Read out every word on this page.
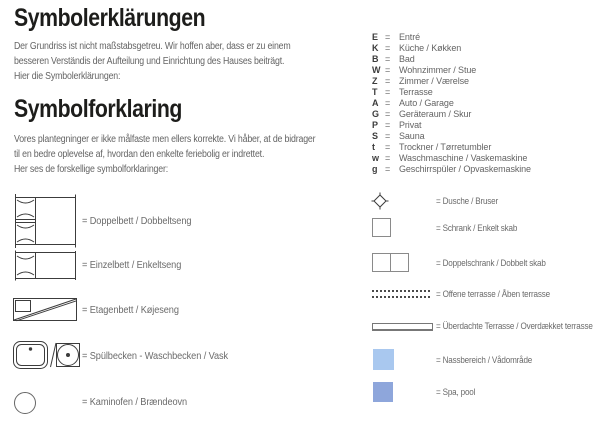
Symbolerklärungen
Der Grundriss ist nicht maßstabsgetreu. Wir hoffen aber, dass er zu einem
besseren Verständis der Aufteilung und Einrichtung des Hauses beiträgt.
Hier die Symbolerklärungen:
Symbolforklaring
Vores plantegninger er ikke målfaste men ellers korrekte. Vi håber, at de bidrager
til en bedre oplevelse af, hvordan den enkelte feriebolig er indrettet.
Her ses de forskellige symbolforklaringer:
= Doppelbett / Dobbeltseng
= Einzelbett / Enkeltseng
= Etagenbett / Køjeseng
= Spülbecken - Waschbecken / Vask
= Kaminofen / Brændeovn
E = Entré
K = Küche / Køkken
B = Bad
W = Wohnzimmer / Stue
Z = Zimmer / Værelse
T = Terrasse
A = Auto / Garage
G = Geräteraum / Skur
P = Privat
S = Sauna
t	= Trockner / Tørretumbler
w = Waschmaschine / Vaskemaskine
g = Geschirrspüler / Opvaskemaskine
= Dusche / Bruser
= Schrank / Enkelt skab
= Doppelschrank / Dobbelt skab
= Offene terrasse / Åben terrasse
= Überdachte Terrasse / Overdækket terrasse
= Nassbereich / Vådområde
= Spa, pool
